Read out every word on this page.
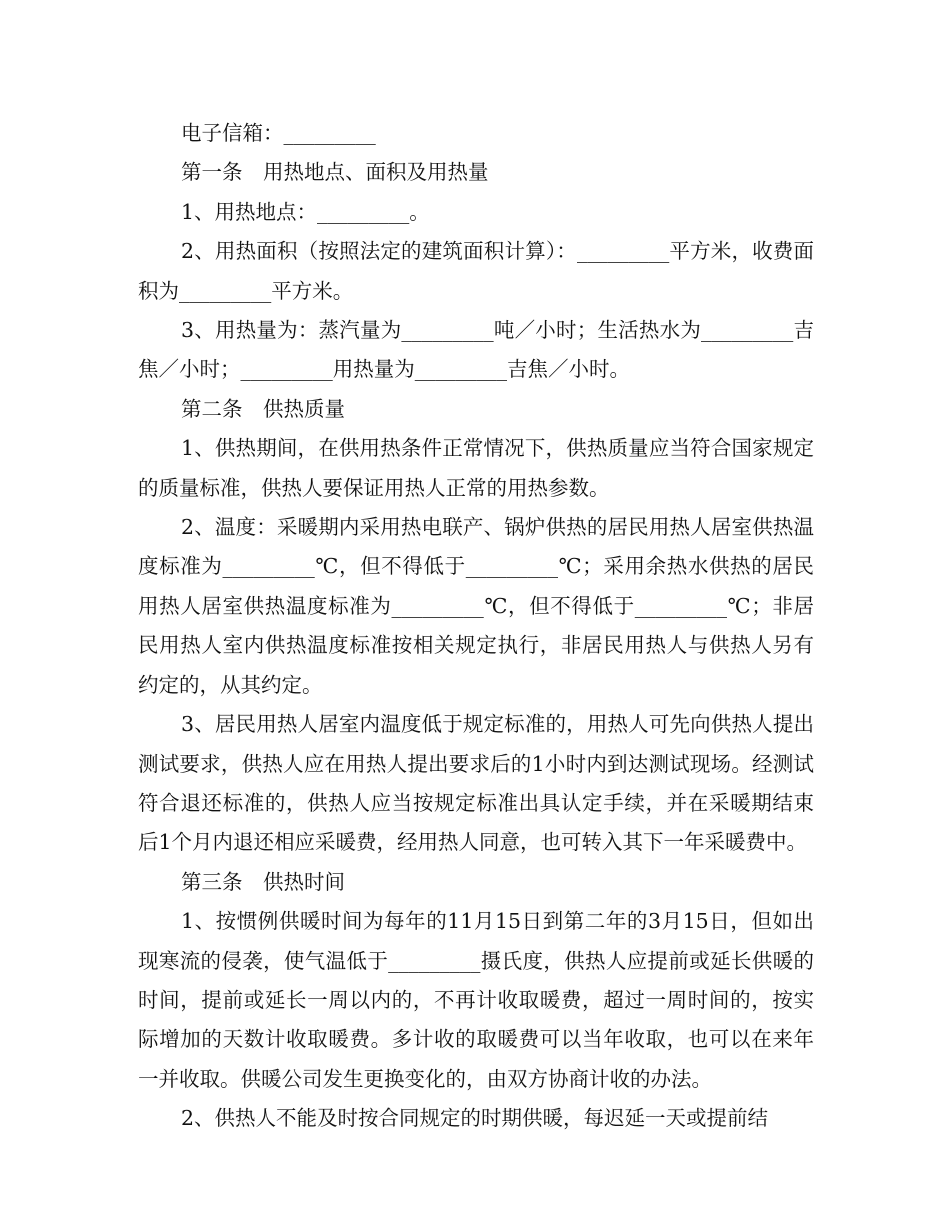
电子信箱：_________

第一条　用热地点、面积及用热量

1、用热地点：_________。

2、用热面积（按照法定的建筑面积计算）：_________平方米，收费面积为_________平方米。

3、用热量为：蒸汽量为_________吨／小时；生活热水为_________吉焦／小时；_________用热量为_________吉焦／小时。

第二条　供热质量

1、供热期间，在供用热条件正常情况下，供热质量应当符合国家规定的质量标准，供热人要保证用热人正常的用热参数。

2、温度：采暖期内采用热电联产、锅炉供热的居民用热人居室供热温度标准为_________℃，但不得低于_________℃；采用余热水供热的居民用热人居室供热温度标准为_________℃，但不得低于_________℃；非居民用热人室内供热温度标准按相关规定执行，非居民用热人与供热人另有约定的，从其约定。

3、居民用热人居室内温度低于规定标准的，用热人可先向供热人提出测试要求，供热人应在用热人提出要求后的1小时内到达测试现场。经测试符合退还标准的，供热人应当按规定标准出具认定手续，并在采暖期结束后1个月内退还相应采暖费，经用热人同意，也可转入其下一年采暖费中。

第三条　供热时间

1、按惯例供暖时间为每年的11月15日到第二年的3月15日，但如出现寒流的侵袭，使气温低于_________摄氏度，供热人应提前或延长供暖的时间，提前或延长一周以内的，不再计收取暖费，超过一周时间的，按实际增加的天数计收取暖费。多计收的取暖费可以当年收取，也可以在来年一并收取。供暖公司发生更换变化的，由双方协商计收的办法。

2、供热人不能及时按合同规定的时期供暖，每迟延一天或提前结
